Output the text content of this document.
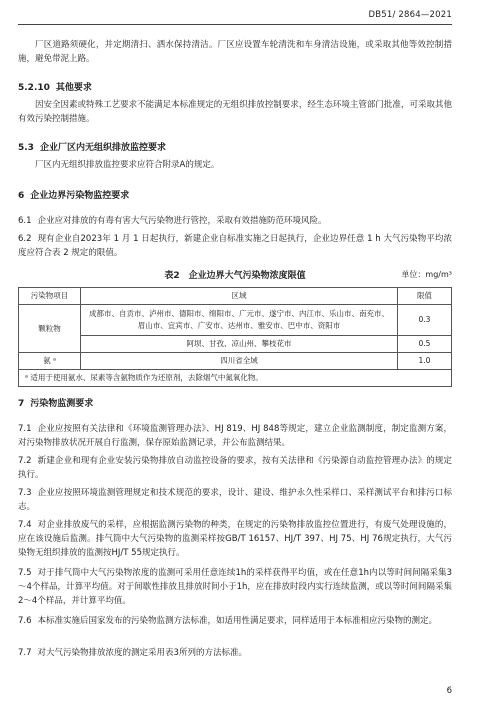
DB51/ 2864—2021
厂区道路须硬化，并定期清扫、洒水保持清洁。厂区应设置车轮清洗和车身清洁设施，或采取其他等效控制措施，避免带泥上路。
5.2.10 其他要求
因安全因素或特殊工艺要求不能满足本标准规定的无组织排放控制要求，经生态环境主管部门批准，可采取其他有效污染控制措施。
5.3 企业厂区内无组织排放监控要求
厂区内无组织排放监控要求应符合附录A的规定。
6 企业边界污染物监控要求
6.1 企业应对排放的有毒有害大气污染物进行管控，采取有效措施防范环境风险。
6.2 现有企业自2023年 1 月 1 日起执行，新建企业自标准实施之日起执行，企业边界任意 1 h 大气污染物平均浓度应符合表 2 规定的限值。
表2　企业边界大气污染物浓度限值	单位：mg/m³
污染物项目	区域	限值
颗粒物	成都市、自贡市、泸州市、德阳市、绵阳市、广元市、遂宁市、内江市、乐山市、南充市、眉山市、宜宾市、广安市、达州市、雅安市、巴中市、资阳市	0.3
	阿坝、甘孜、凉山州、攀枝花市	0.5
氨 ᵃ	四川省全域	1.0
ᵃ 适用于使用氨水、尿素等含氨物质作为还原剂，去除烟气中氮氧化物。		
7 污染物监测要求
7.1 企业应按照有关法律和《环境监测管理办法》、HJ 819、HJ 848等规定，建立企业监测制度，制定监测方案，对污染物排放状况开展自行监测，保存原始监测记录，并公布监测结果。
7.2 新建企业和现有企业安装污染物排放自动监控设备的要求，按有关法律和《污染源自动监控管理办法》的规定执行。
7.3 企业应按照环境监测管理规定和技术规范的要求，设计、建设、维护永久性采样口、采样测试平台和排污口标志。
7.4 对企业排放废气的采样，应根据监测污染物的种类，在规定的污染物排放监控位置进行，有废气处理设施的，应在该设施后监测。排气筒中大气污染物的监测采样按GB/T 16157、HJ/T 397、HJ 75、HJ 76规定执行，大气污染物无组织排放的监测按HJ/T 55规定执行。
7.5 对于排气筒中大气污染物浓度的监测可采用任意连续1h的采样获得平均值，或在任意1h内以等时间间隔采集3～4个样品，计算平均值。对于间歇性排放且排放时间小于1h，应在排放时段内实行连续监测，或以等时间间隔采集2～4个样品，并计算平均值。
7.6 本标准实施后国家发布的污染物监测方法标准，如适用性满足要求，同样适用于本标准相应污染物的测定。
7.7 对大气污染物排放浓度的测定采用表3所列的方法标准。
6
